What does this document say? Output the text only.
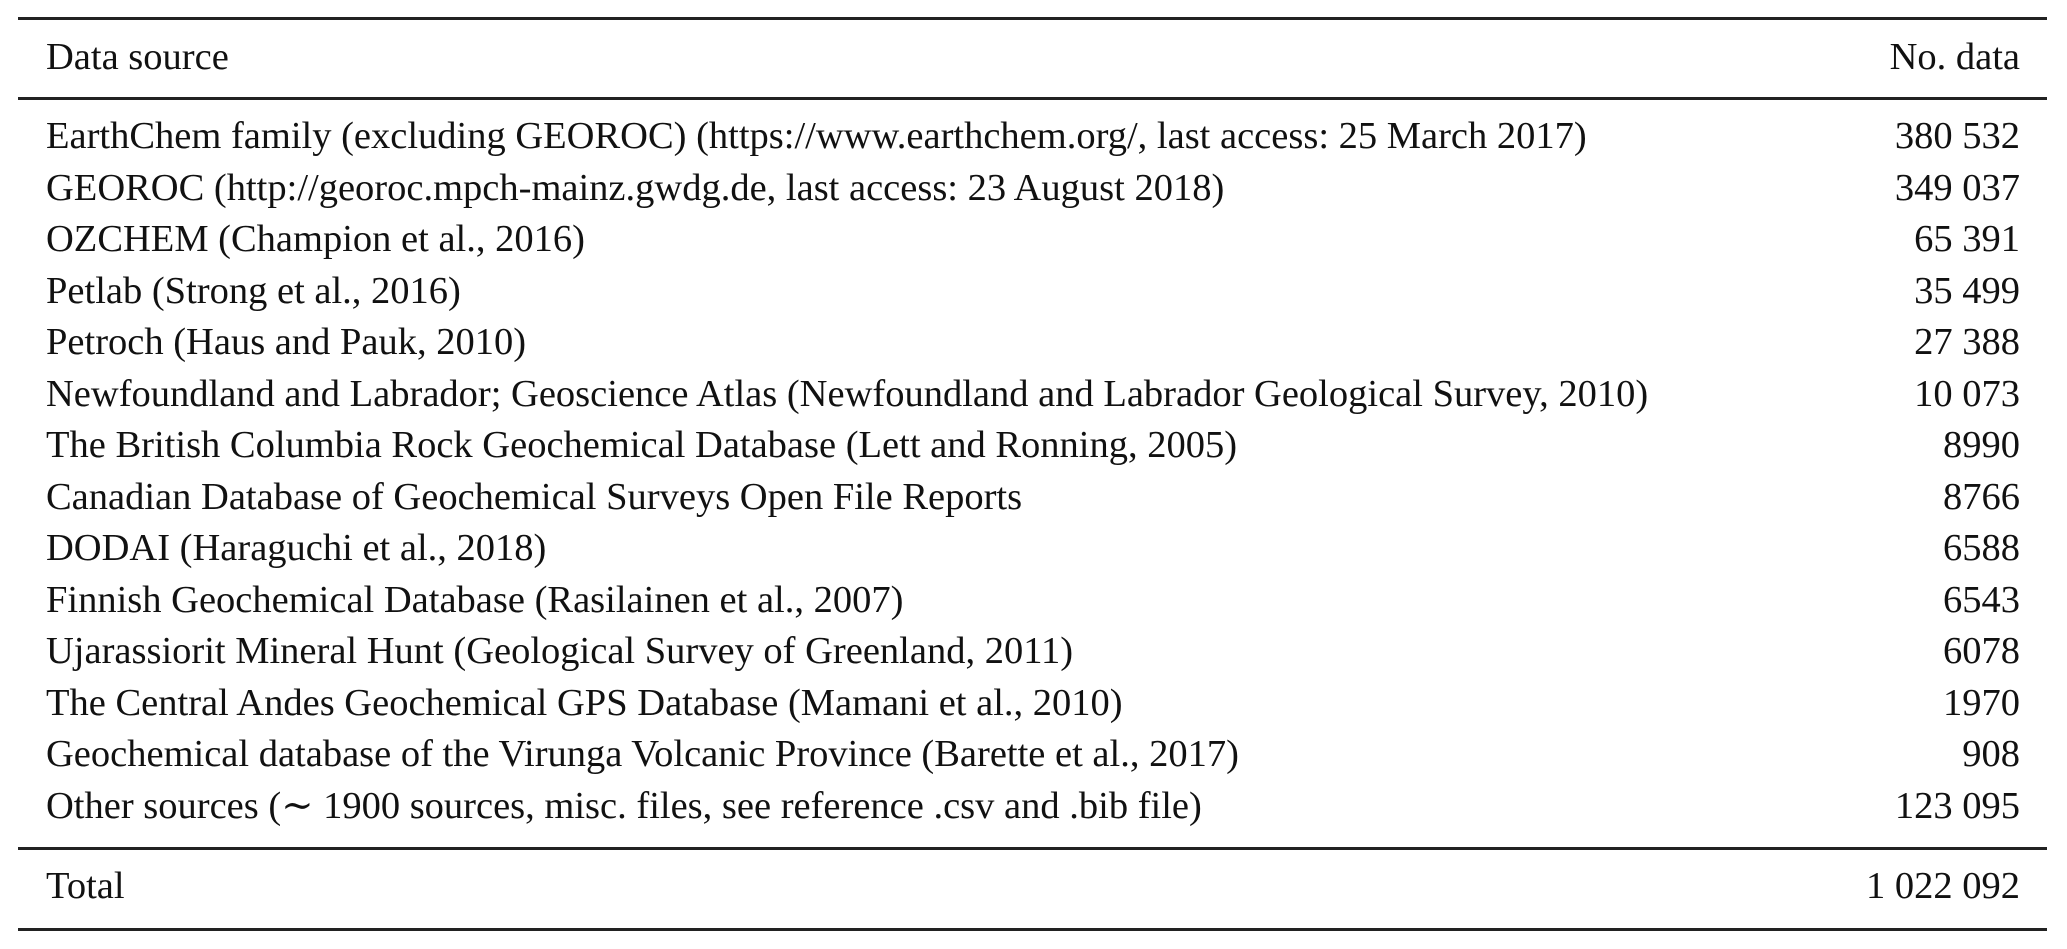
Data source	No. data
EarthChem family (excluding GEOROC) (https://www.earthchem.org/, last access: 25 March 2017)	380 532
GEOROC (http://georoc.mpch-mainz.gwdg.de, last access: 23 August 2018)	349 037
OZCHEM (Champion et al., 2016)	65 391
Petlab (Strong et al., 2016)	35 499
Petroch (Haus and Pauk, 2010)	27 388
Newfoundland and Labrador; Geoscience Atlas (Newfoundland and Labrador Geological Survey, 2010)	10 073
The British Columbia Rock Geochemical Database (Lett and Ronning, 2005)	8990
Canadian Database of Geochemical Surveys Open File Reports	8766
DODAI (Haraguchi et al., 2018)	6588
Finnish Geochemical Database (Rasilainen et al., 2007)	6543
Ujarassiorit Mineral Hunt (Geological Survey of Greenland, 2011)	6078
The Central Andes Geochemical GPS Database (Mamani et al., 2010)	1970
Geochemical database of the Virunga Volcanic Province (Barette et al., 2017)	908
Other sources (∼ 1900 sources, misc. files, see reference .csv and .bib file)	123 095
Total	1 022 092
